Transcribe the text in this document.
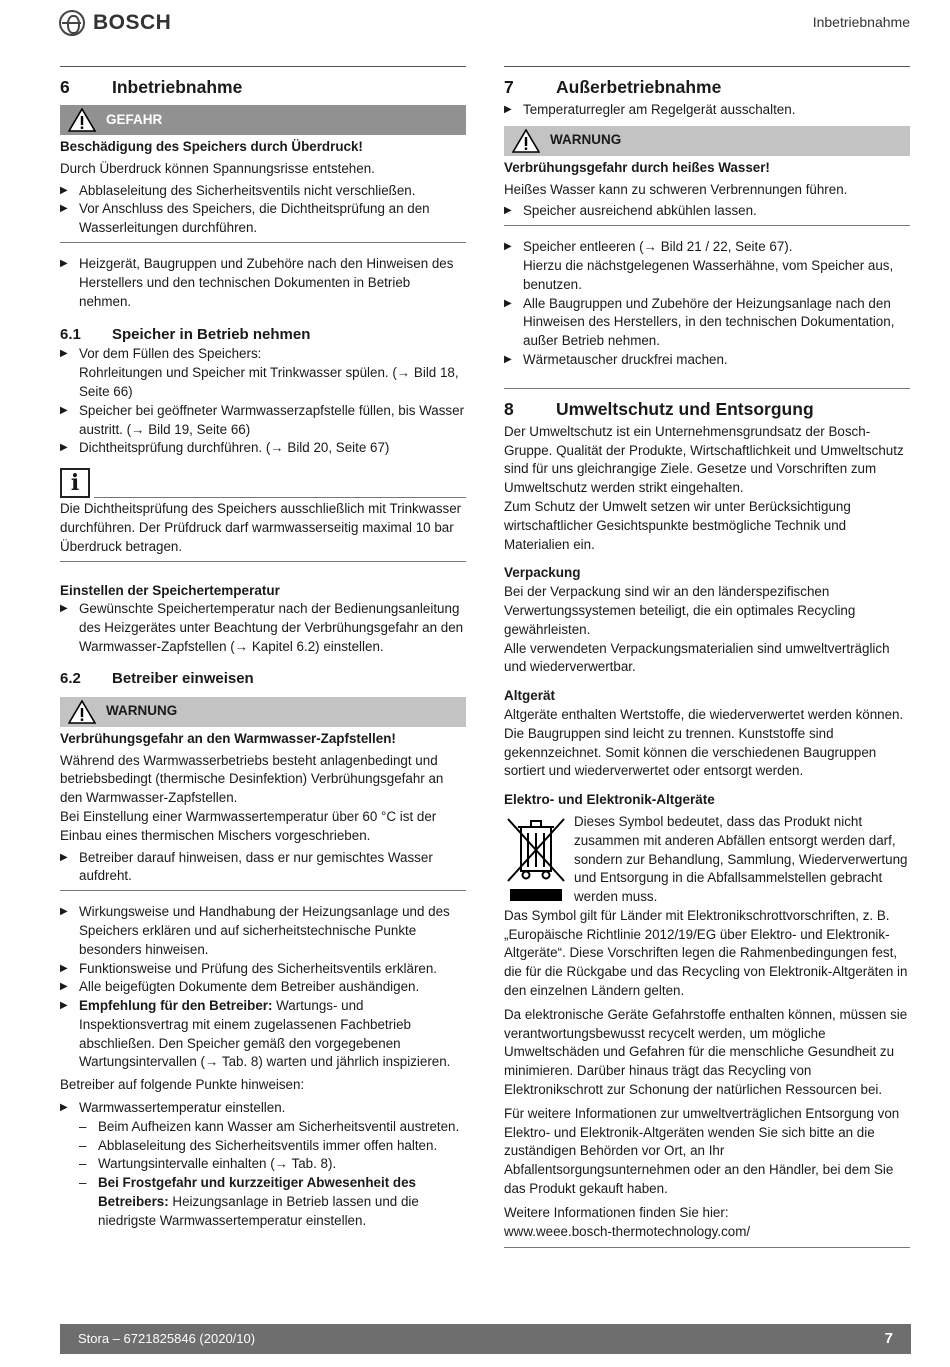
BOSCH	Inbetriebnahme
6	Inbetriebnahme
GEFAHR

Beschädigung des Speichers durch Überdruck!

Durch Überdruck können Spannungsrisse entstehen.

▶ Abblaseleitung des Sicherheitsventils nicht verschließen.
▶ Vor Anschluss des Speichers, die Dichtheitsprüfung an den Wasserleitungen durchführen.
▶ Heizgerät, Baugruppen und Zubehöre nach den Hinweisen des Herstellers und den technischen Dokumenten in Betrieb nehmen.
6.1	Speicher in Betrieb nehmen
▶ Vor dem Füllen des Speichers:
Rohrleitungen und Speicher mit Trinkwasser spülen. (→ Bild 18, Seite 66)
▶ Speicher bei geöffneter Warmwasserzapfstelle füllen, bis Wasser austritt. (→ Bild 19, Seite 66)
▶ Dichtheitsprüfung durchführen. (→ Bild 20, Seite 67)
i

Die Dichtheitsprüfung des Speichers ausschließlich mit Trinkwasser durchführen. Der Prüfdruck darf warmwasserseitig maximal 10 bar Überdruck betragen.

Einstellen der Speichertemperatur
▶ Gewünschte Speichertemperatur nach der Bedienungsanleitung des Heizgerätes unter Beachtung der Verbrühungsgefahr an den Warmwasser-Zapfstellen (→ Kapitel 6.2) einstellen.
6.2	Betreiber einweisen
WARNUNG

Verbrühungsgefahr an den Warmwasser-Zapfstellen!

Während des Warmwasserbetriebs besteht anlagenbedingt und betriebsbedingt (thermische Desinfektion) Verbrühungsgefahr an den Warmwasser-Zapfstellen.

Bei Einstellung einer Warmwassertemperatur über 60 °C ist der Einbau eines thermischen Mischers vorgeschrieben.

▶ Betreiber darauf hinweisen, dass er nur gemischtes Wasser aufdreht.
▶ Wirkungsweise und Handhabung der Heizungsanlage und des Speichers erklären und auf sicherheitstechnische Punkte besonders hinweisen.
▶ Funktionsweise und Prüfung des Sicherheitsventils erklären.
▶ Alle beigefügten Dokumente dem Betreiber aushändigen.
▶ Empfehlung für den Betreiber: Wartungs- und Inspektionsvertrag mit einem zugelassenen Fachbetrieb abschließen. Den Speicher gemäß den vorgegebenen Wartungsintervallen (→ Tab. 8) warten und jährlich inspizieren.

Betreiber auf folgende Punkte hinweisen:

▶ Warmwassertemperatur einstellen.
– Beim Aufheizen kann Wasser am Sicherheitsventil austreten.
– Abblaseleitung des Sicherheitsventils immer offen halten.
– Wartungsintervalle einhalten (→ Tab. 8).
– Bei Frostgefahr und kurzzeitiger Abwesenheit des Betreibers: Heizungsanlage in Betrieb lassen und die niedrigste Warmwassertemperatur einstellen.
7	Außerbetriebnahme
▶ Temperaturregler am Regelgerät ausschalten.
WARNUNG

Verbrühungsgefahr durch heißes Wasser!

Heißes Wasser kann zu schweren Verbrennungen führen.

▶ Speicher ausreichend abkühlen lassen.
▶ Speicher entleeren (→ Bild 21 / 22, Seite 67).
Hierzu die nächstgelegenen Wasserhähne, vom Speicher aus, benutzen.
▶ Alle Baugruppen und Zubehöre der Heizungsanlage nach den Hinweisen des Herstellers, in den technischen Dokumentation, außer Betrieb nehmen.
▶ Wärmetauscher druckfrei machen.
8	Umweltschutz und Entsorgung

Der Umweltschutz ist ein Unternehmensgrundsatz der Bosch-Gruppe. Qualität der Produkte, Wirtschaftlichkeit und Umweltschutz sind für uns gleichrangige Ziele. Gesetze und Vorschriften zum Umweltschutz werden strikt eingehalten.

Zum Schutz der Umwelt setzen wir unter Berücksichtigung wirtschaftlicher Gesichtspunkte bestmögliche Technik und Materialien ein.

Verpackung

Bei der Verpackung sind wir an den länderspezifischen Verwertungssystemen beteiligt, die ein optimales Recycling gewährleisten.

Alle verwendeten Verpackungsmaterialien sind umweltverträglich und wiederverwertbar.

Altgerät

Altgeräte enthalten Wertstoffe, die wiederverwertet werden können. Die Baugruppen sind leicht zu trennen. Kunststoffe sind gekennzeichnet. Somit können die verschiedenen Baugruppen sortiert und wiederverwertet oder entsorgt werden.

Elektro- und Elektronik-Altgeräte

Dieses Symbol bedeutet, dass das Produkt nicht zusammen mit anderen Abfällen entsorgt werden darf, sondern zur Behandlung, Sammlung, Wiederverwertung und Entsorgung in die Abfallsammelstellen gebracht werden muss.

Das Symbol gilt für Länder mit Elektronikschrottvorschriften, z. B. „Europäische Richtlinie 2012/19/EG über Elektro- und Elektronik-Altgeräte“. Diese Vorschriften legen die Rahmenbedingungen fest, die für die Rückgabe und das Recycling von Elektronik-Altgeräten in den einzelnen Ländern gelten.

Da elektronische Geräte Gefahrstoffe enthalten können, müssen sie verantwortungsbewusst recycelt werden, um mögliche Umweltschäden und Gefahren für die menschliche Gesundheit zu minimieren. Darüber hinaus trägt das Recycling von Elektronikschrott zur Schonung der natürlichen Ressourcen bei.

Für weitere Informationen zur umweltverträglichen Entsorgung von Elektro- und Elektronik-Altgeräten wenden Sie sich bitte an die zuständigen Behörden vor Ort, an Ihr Abfallentsorgungsunternehmen oder an den Händler, bei dem Sie das Produkt gekauft haben.

Weitere Informationen finden Sie hier:

www.weee.bosch-thermotechnology.com/

Stora – 6721825846 (2020/10)	7
